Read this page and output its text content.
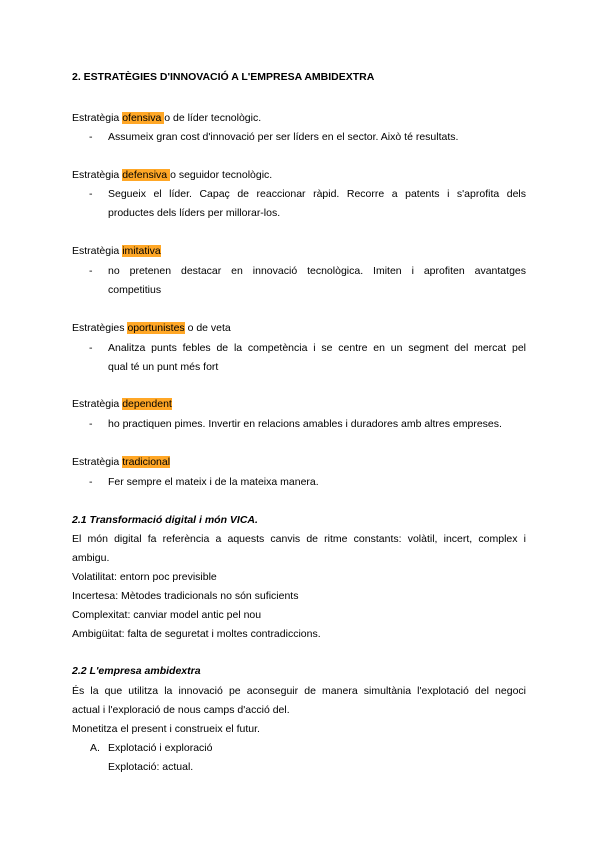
2. ESTRATÈGIES D'INNOVACIÓ A L'EMPRESA AMBIDEXTRA
Estratègia ofensiva o de líder tecnològic.
- Assumeix gran cost d'innovació per ser líders en el sector. Això té resultats.
Estratègia defensiva o seguidor tecnològic.
- Segueix el líder. Capaç de reaccionar ràpid. Recorre a patents i s'aprofita dels
productes dels líders per millorar-los.
Estratègia imitativa
- no pretenen destacar en innovació tecnològica. Imiten i aprofiten avantatges
competitius
Estratègies oportunistes o de veta
- Analitza punts febles de la competència i se centre en un segment del mercat pel
qual té un punt més fort
Estratègia dependent
- ho practiquen pimes. Invertir en relacions amables i duradores amb altres empreses.
Estratègia tradicional
- Fer sempre el mateix i de la mateixa manera.
2.1 Transformació digital i món VICA.
El món digital fa referència a aquests canvis de ritme constants: volàtil, incert, complex i
ambigu.
Volatilitat: entorn poc previsible
Incertesa: Mètodes tradicionals no són suficients
Complexitat: canviar model antic pel nou
Ambigüitat: falta de seguretat i moltes contradiccions.
2.2 L'empresa ambidextra
És la que utilitza la innovació pe aconseguir de manera simultània l'explotació del negoci
actual i l'exploració de nous camps d'acció del.
Monetitza el present i construeix el futur.
A. Explotació i exploració
Explotació: actual.
